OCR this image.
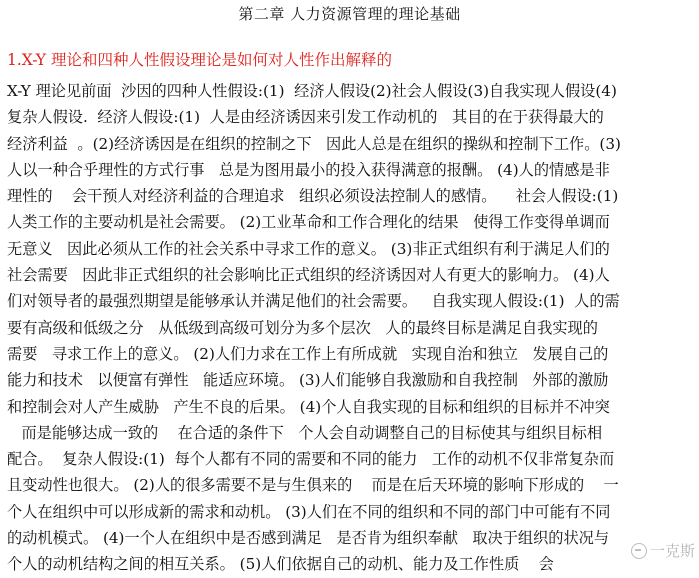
第二章 人力资源管理的理论基础
1.X-Y 理论和四种人性假设理论是如何对人性作出解释的
X-Y 理论见前面  沙因的四种人性假设:(1)  经济人假设(2)社会人假设(3)自我实现人假设(4)
复杂人假设.  经济人假设:(1)  人是由经济诱因来引发工作动机的   其目的在于获得最大的
经济利益  。(2)经济诱因是在组织的控制之下   因此人总是在组织的操纵和控制下工作。(3)
人以一种合乎理性的方式行事   总是为图用最小的投入获得满意的报酬。 (4)人的情感是非
理性的    会干预人对经济利益的合理追求   组织必须设法控制人的感情。    社会人假设:(1)
人类工作的主要动机是社会需要。 (2)工业革命和工作合理化的结果   使得工作变得单调而
无意义   因此必须从工作的社会关系中寻求工作的意义。 (3)非正式组织有利于满足人们的
社会需要   因此非正式组织的社会影响比正式组织的经济诱因对人有更大的影响力。 (4)人
们对领导者的最强烈期望是能够承认并满足他们的社会需要。   自我实现人假设:(1)  人的需
要有高级和低级之分   从低级到高级可划分为多个层次   人的最终目标是满足自我实现的
需要   寻求工作上的意义。 (2)人们力求在工作上有所成就   实现自治和独立   发展自己的
能力和技术   以便富有弹性   能适应环境。 (3)人们能够自我激励和自我控制   外部的激励
和控制会对人产生威胁   产生不良的后果。 (4)个人自我实现的目标和组织的目标并不冲突
而是能够达成一致的    在合适的条件下   个人会自动调整自己的目标使其与组织目标相
配合。  复杂人假设:(1)  每个人都有不同的需要和不同的能力   工作的动机不仅非常复杂而
且变动性也很大。 (2)人的很多需要不是与生俱来的    而是在后天环境的影响下形成的    一
个人在组织中可以形成新的需求和动机。 (3)人们在不同的组织和不同的部门中可能有不同
的动机模式。 (4)一个人在组织中是否感到满足   是否肯为组织奉献   取决于组织的状况与
个人的动机结构之间的相互关系。 (5)人们依据自己的动机、能力及工作性质    会
一克斯
